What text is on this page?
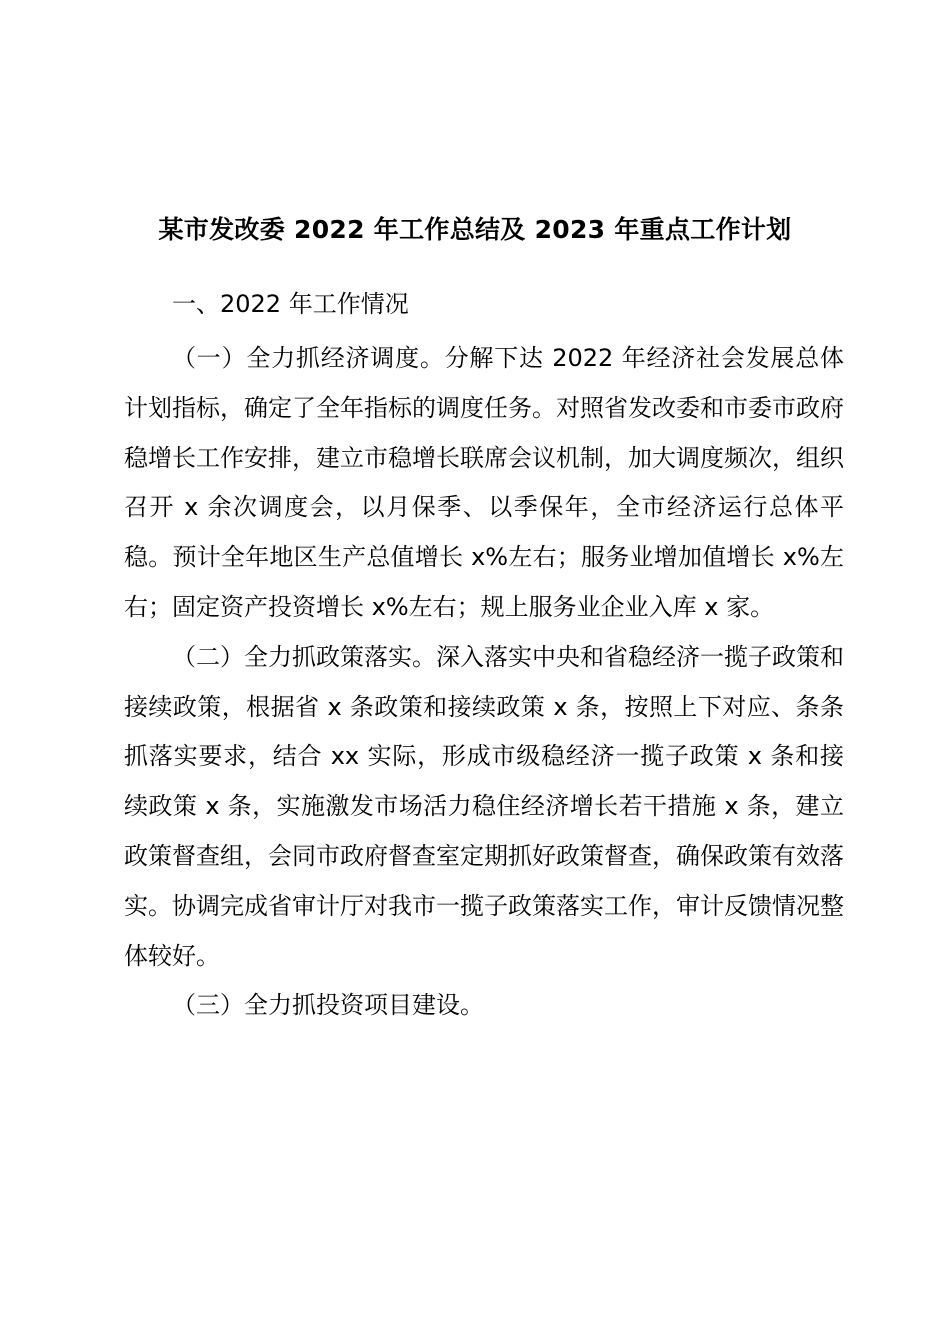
某市发改委 2022 年工作总结及 2023 年重点工作计划

一、2022 年工作情况

（一）全力抓经济调度。分解下达 2022 年经济社会发展总体计划指标，确定了全年指标的调度任务。对照省发改委和市委市政府稳增长工作安排，建立市稳增长联席会议机制，加大调度频次，组织召开 x 余次调度会，以月保季、以季保年，全市经济运行总体平稳。预计全年地区生产总值增长 x%左右；服务业增加值增长 x%左右；固定资产投资增长 x%左右；规上服务业企业入库 x 家。

（二）全力抓政策落实。深入落实中央和省稳经济一揽子政策和接续政策，根据省 x 条政策和接续政策 x 条，按照上下对应、条条抓落实要求，结合 xx 实际，形成市级稳经济一揽子政策 x 条和接续政策 x 条，实施激发市场活力稳住经济增长若干措施 x 条，建立政策督查组，会同市政府督查室定期抓好政策督查，确保政策有效落实。协调完成省审计厅对我市一揽子政策落实工作，审计反馈情况整体较好。

（三）全力抓投资项目建设。
